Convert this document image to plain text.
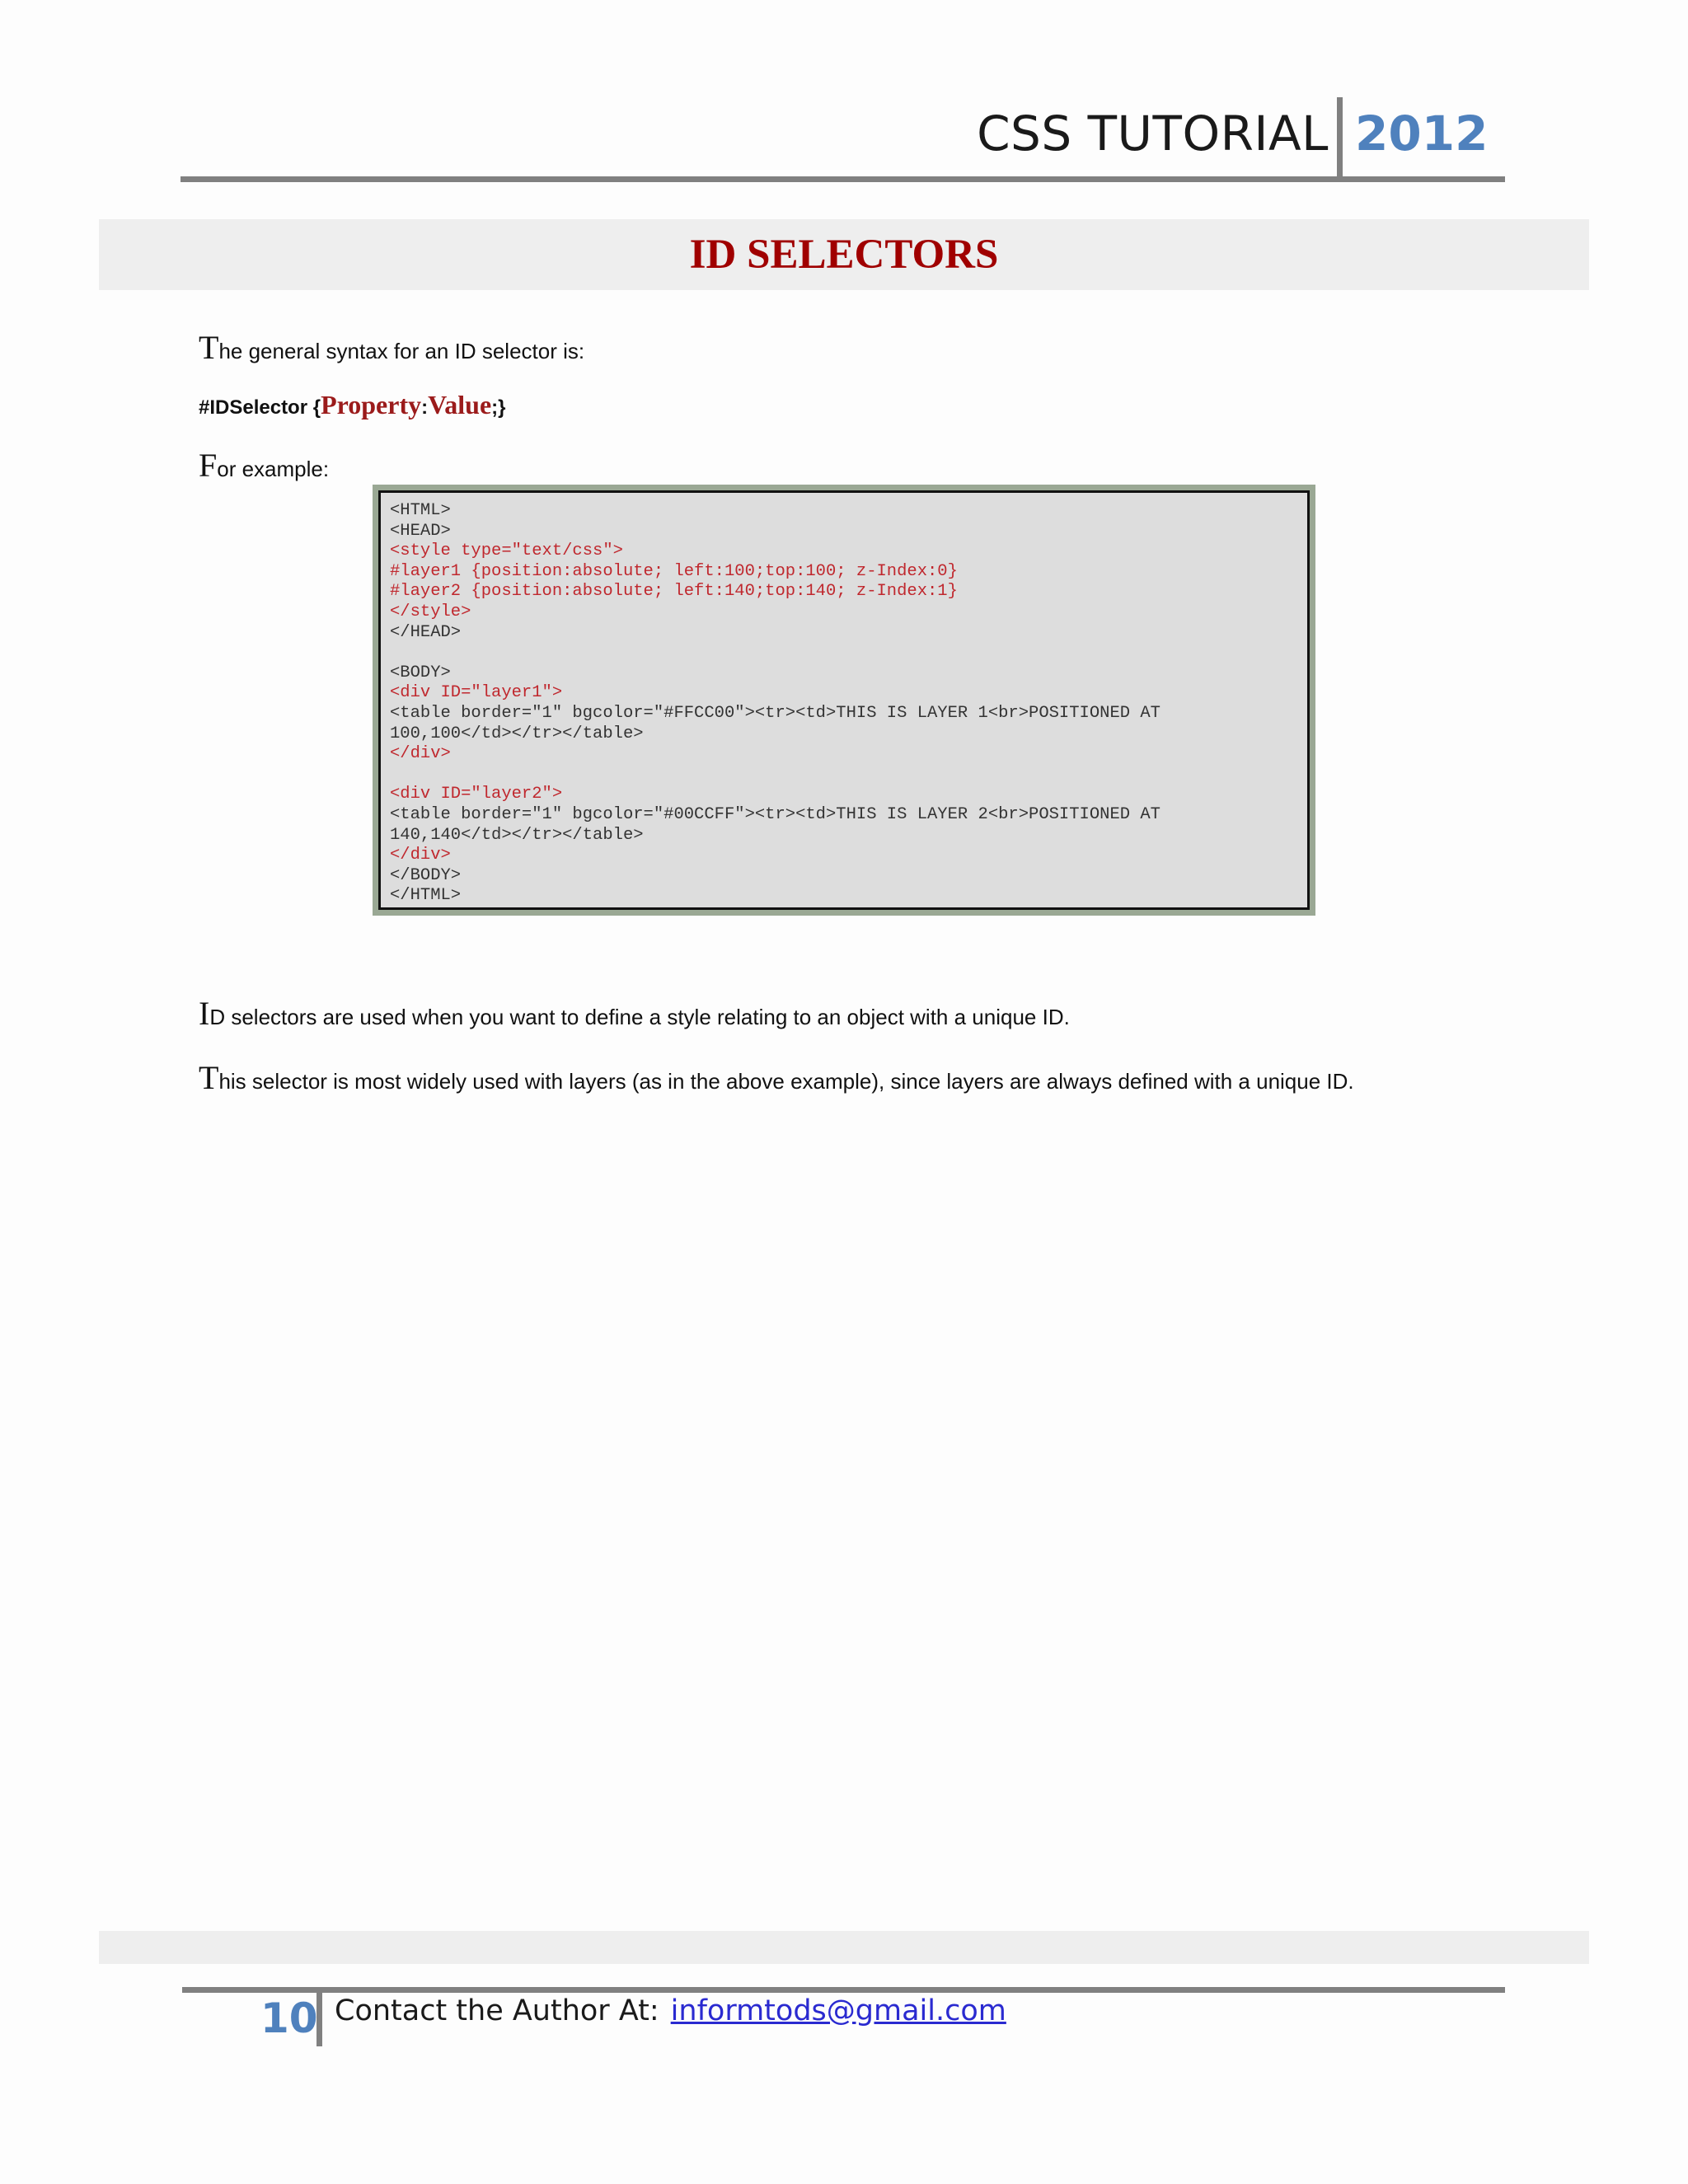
CSS TUTORIAL 2012
ID SELECTORS
The general syntax for an ID selector is:
#IDSelector {Property:Value;}
For example:
<HTML>
<HEAD>
<style type="text/css">
#layer1 {position:absolute; left:100;top:100; z-Index:0}
#layer2 {position:absolute; left:140;top:140; z-Index:1}
</style>
</HEAD>
<BODY>
<div ID="layer1">
<table border="1" bgcolor="#FFCC00"><tr><td>THIS IS LAYER 1<br>POSITIONED AT
100,100</td></tr></table>
</div>
<div ID="layer2">
<table border="1" bgcolor="#00CCFF"><tr><td>THIS IS LAYER 2<br>POSITIONED AT
140,140</td></tr></table>
</div>
</BODY>
</HTML>
ID selectors are used when you want to define a style relating to an object with a unique ID.
This selector is most widely used with layers (as in the above example), since layers are always defined with a unique ID.
10 Contact the Author At: informtods@gmail.com
